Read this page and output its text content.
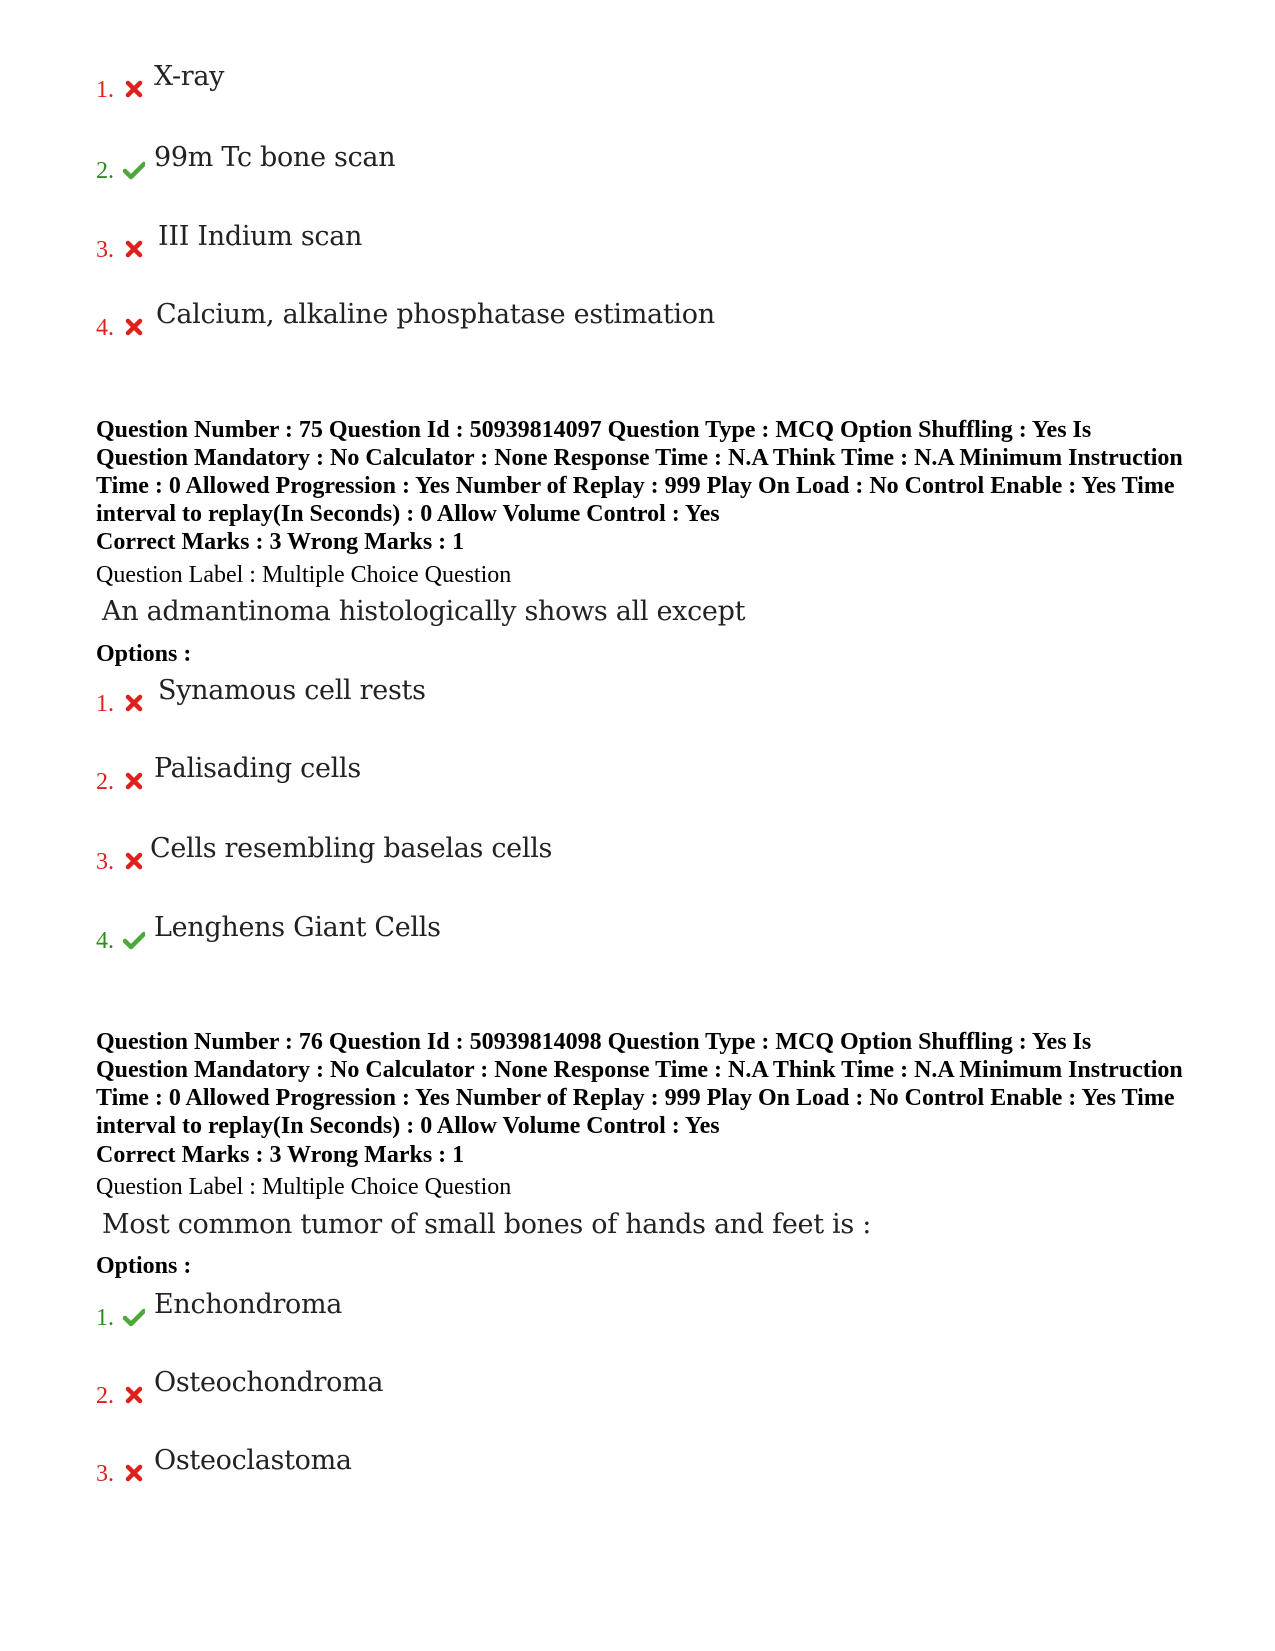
1. X-ray
2. 99m Tc bone scan
3. III Indium scan
4. Calcium, alkaline phosphatase estimation

Question Number : 75 Question Id : 50939814097 Question Type : MCQ Option Shuffling : Yes Is Question Mandatory : No Calculator : None Response Time : N.A Think Time : N.A Minimum Instruction Time : 0 Allowed Progression : Yes Number of Replay : 999 Play On Load : No Control Enable : Yes Time interval to replay(In Seconds) : 0 Allow Volume Control : Yes

Correct Marks : 3 Wrong Marks : 1
Question Label : Multiple Choice Question
An admantinoma histologically shows all except
Options :
1. Synamous cell rests
2. Palisading cells
3. Cells resembling baselas cells
4. Lenghens Giant Cells

Question Number : 76 Question Id : 50939814098 Question Type : MCQ Option Shuffling : Yes Is Question Mandatory : No Calculator : None Response Time : N.A Think Time : N.A Minimum Instruction Time : 0 Allowed Progression : Yes Number of Replay : 999 Play On Load : No Control Enable : Yes Time interval to replay(In Seconds) : 0 Allow Volume Control : Yes

Correct Marks : 3 Wrong Marks : 1
Question Label : Multiple Choice Question
Most common tumor of small bones of hands and feet is :
Options :
1. Enchondroma
2. Osteochondroma
3. Osteoclastoma
